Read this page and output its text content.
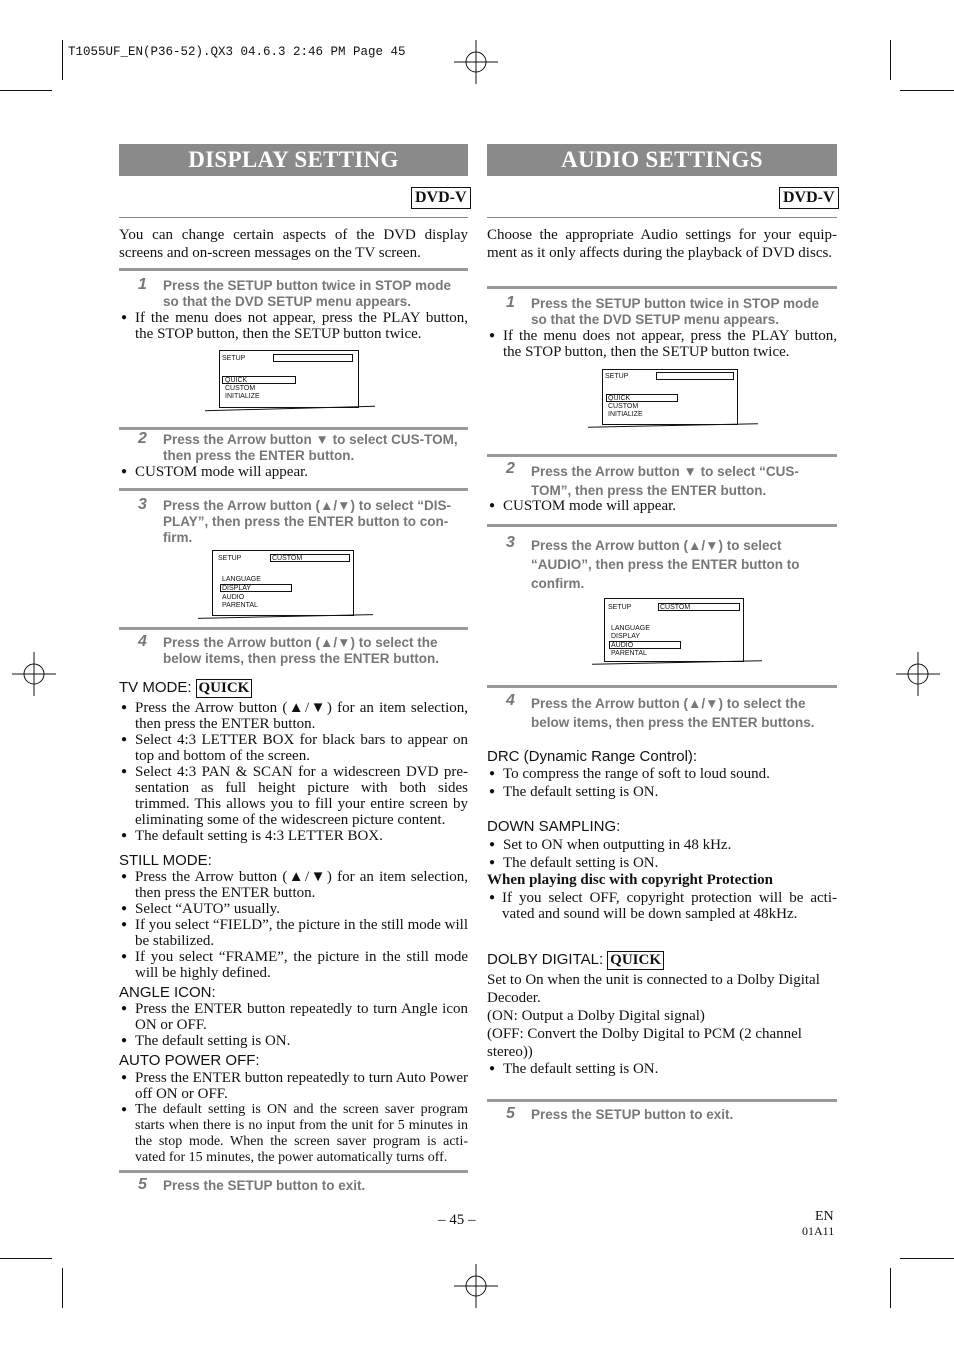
T1055UF_EN(P36-52).QX3 04.6.3 2:46 PM Page 45
DISPLAY SETTING
DVD-V
You can change certain aspects of the DVD display screens and on-screen messages on the TV screen.
1 Press the SETUP button twice in STOP mode so that the DVD SETUP menu appears.
● If the menu does not appear, press the PLAY button, the STOP button, then the SETUP button twice.
SETUP
QUICK
CUSTOM
INITIALIZE
2 Press the Arrow button ▼ to select CUS-TOM, then press the ENTER button.
● CUSTOM mode will appear.
3 Press the Arrow button (▲/▼) to select “DIS-PLAY”, then press the ENTER button to con-firm.
SETUP	CUSTOM
LANGUAGE
DISPLAY
AUDIO
PARENTAL
4 Press the Arrow button (▲/▼) to select the below items, then press the ENTER button.
TV MODE: QUICK
● Press the Arrow button (▲/▼) for an item selection, then press the ENTER button.
● Select 4:3 LETTER BOX for black bars to appear on top and bottom of the screen.
● Select 4:3 PAN & SCAN for a widescreen DVD pre-sentation as full height picture with both sides trimmed. This allows you to fill your entire screen by eliminating some of the widescreen picture content.
● The default setting is 4:3 LETTER BOX.
STILL MODE:
● Press the Arrow button (▲/▼) for an item selection, then press the ENTER button.
● Select “AUTO” usually.
● If you select “FIELD”, the picture in the still mode will be stabilized.
● If you select “FRAME”, the picture in the still mode will be highly defined.
ANGLE ICON:
● Press the ENTER button repeatedly to turn Angle icon ON or OFF.
● The default setting is ON.
AUTO POWER OFF:
● Press the ENTER button repeatedly to turn Auto Power off ON or OFF.
● The default setting is ON and the screen saver program starts when there is no input from the unit for 5 minutes in the stop mode. When the screen saver program is acti-vated for 15 minutes, the power automatically turns off.
5 Press the SETUP button to exit.
AUDIO SETTINGS
DVD-V
Choose the appropriate Audio settings for your equip-ment as it only affects during the playback of DVD discs.
1 Press the SETUP button twice in STOP mode so that the DVD SETUP menu appears.
● If the menu does not appear, press the PLAY button, the STOP button, then the SETUP button twice.
SETUP
QUICK
CUSTOM
INITIALIZE
2 Press the Arrow button ▼ to select “CUS-TOM”, then press the ENTER button.
● CUSTOM mode will appear.
3 Press the Arrow button (▲/▼) to select “AUDIO”, then press the ENTER button to confirm.
SETUP	CUSTOM
LANGUAGE
DISPLAY
AUDIO
PARENTAL
4 Press the Arrow button (▲/▼) to select the below items, then press the ENTER buttons.
DRC (Dynamic Range Control):
● To compress the range of soft to loud sound.
● The default setting is ON.
DOWN SAMPLING:
● Set to ON when outputting in 48 kHz.
● The default setting is ON.
When playing disc with copyright Protection
● If you select OFF, copyright protection will be acti-vated and sound will be down sampled at 48kHz.
DOLBY DIGITAL: QUICK
Set to On when the unit is connected to a Dolby Digital Decoder.
(ON: Output a Dolby Digital signal)
(OFF: Convert the Dolby Digital to PCM (2 channel stereo))
● The default setting is ON.
5 Press the SETUP button to exit.
– 45 –	EN
01A11
